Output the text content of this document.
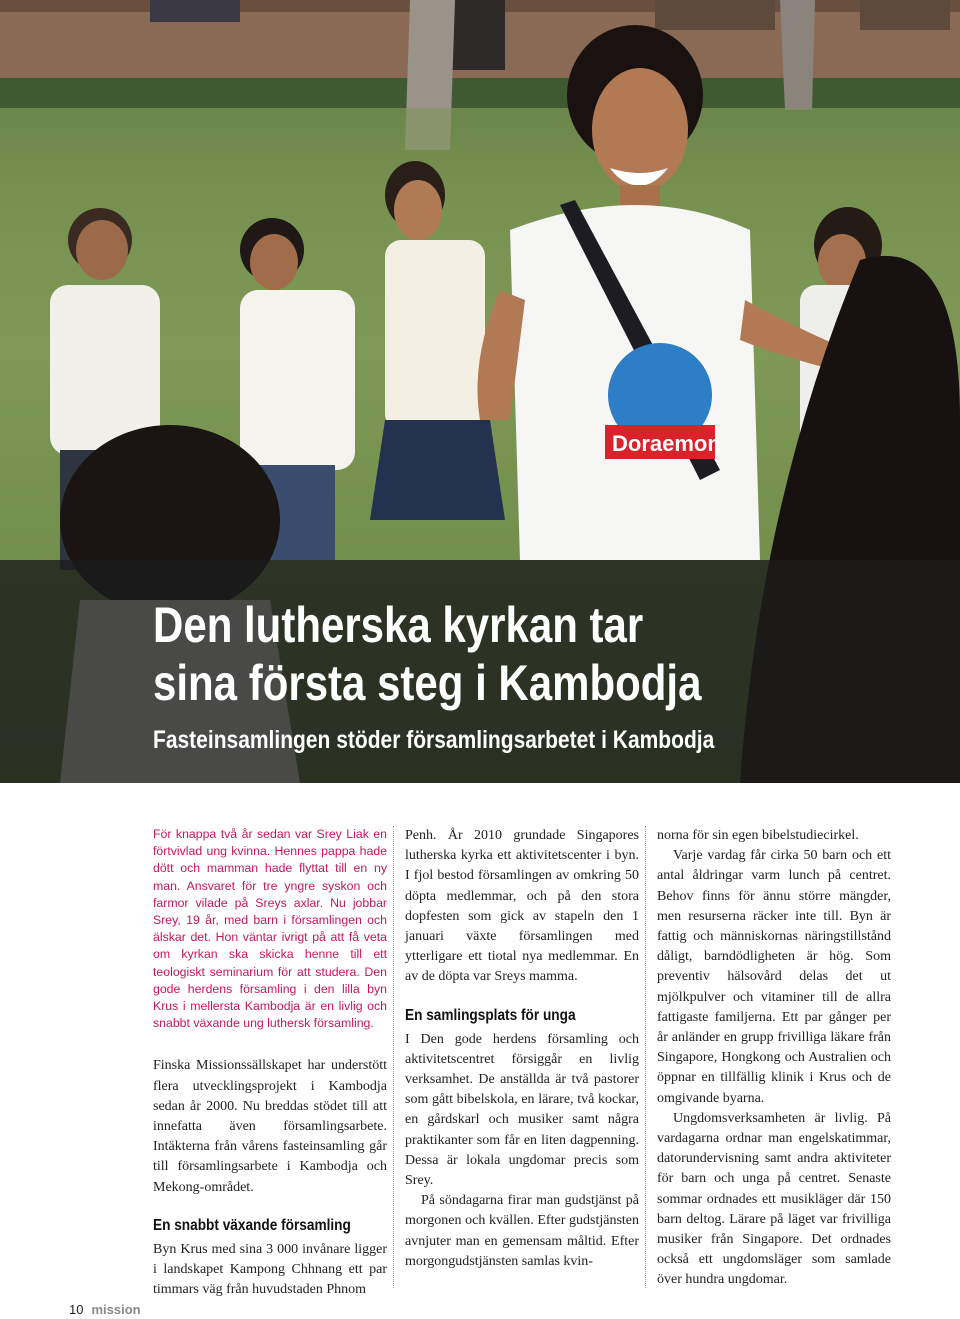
Doraemon
Den lutherska kyrkan tar
sina första steg i Kambodja
Fasteinsamlingen stöder församlingsarbetet i Kambodja

För knappa två år sedan var Srey Liak en förtvivlad ung kvinna. Hennes pappa hade dött och mamman hade flyttat till en ny man. Ansvaret för tre yngre syskon och farmor vilade på Sreys axlar. Nu jobbar Srey, 19 år, med barn i församlingen och älskar det. Hon väntar ivrigt på att få veta om kyrkan ska skicka henne till ett teologiskt seminarium för att studera. Den gode herdens församling i den lilla byn Krus i mellersta Kambodja är en livlig och snabbt växande ung luthersk församling.

Finska Missionssällskapet har understött flera utvecklingsprojekt i Kambodja sedan år 2000. Nu breddas stödet till att innefatta även församlingsarbete. Intäkterna från vårens fasteinsamling går till församlingsarbete i Kambodja och Mekong-området.

En snabbt växande församling

Byn Krus med sina 3 000 invånare ligger i landskapet Kampong Chhnang ett par timmars väg från huvudstaden Phnom

Penh. År 2010 grundade Singapores lutherska kyrka ett aktivitetscenter i byn. I fjol bestod församlingen av omkring 50 döpta medlemmar, och på den stora dopfesten som gick av stapeln den 1 januari växte församlingen med ytterligare ett tiotal nya medlemmar. En av de döpta var Sreys mamma.

En samlingsplats för unga

I Den gode herdens församling och aktivitetscentret försiggår en livlig verksamhet. De anställda är två pastorer som gått bibelskola, en lärare, två kockar, en gårdskarl och musiker samt några praktikanter som får en liten dagpenning. Dessa är lokala ungdomar precis som Srey.

På söndagarna firar man gudstjänst på morgonen och kvällen. Efter gudstjänsten avnjuter man en gemensam måltid. Efter morgongudstjänsten samlas kvin-

norna för sin egen bibelstudiecirkel.

Varje vardag får cirka 50 barn och ett antal åldringar varm lunch på centret. Behov finns för ännu större mängder, men resurserna räcker inte till. Byn är fattig och människornas näringstillstånd dåligt, barndödligheten är hög. Som preventiv hälsovård delas det ut mjölkpulver och vitaminer till de allra fattigaste familjerna. Ett par gånger per år anländer en grupp frivilliga läkare från Singapore, Hongkong och Australien och öppnar en tillfällig klinik i Krus och de omgivande byarna.

Ungdomsverksamheten är livlig. På vardagarna ordnar man engelskatimmar, datorundervisning samt andra aktiviteter för barn och unga på centret. Senaste sommar ordnades ett musikläger där 150 barn deltog. Lärare på läget var frivilliga musiker från Singapore. Det ordnades också ett ungdomsläger som samlade över hundra ungdomar.

10 mission
